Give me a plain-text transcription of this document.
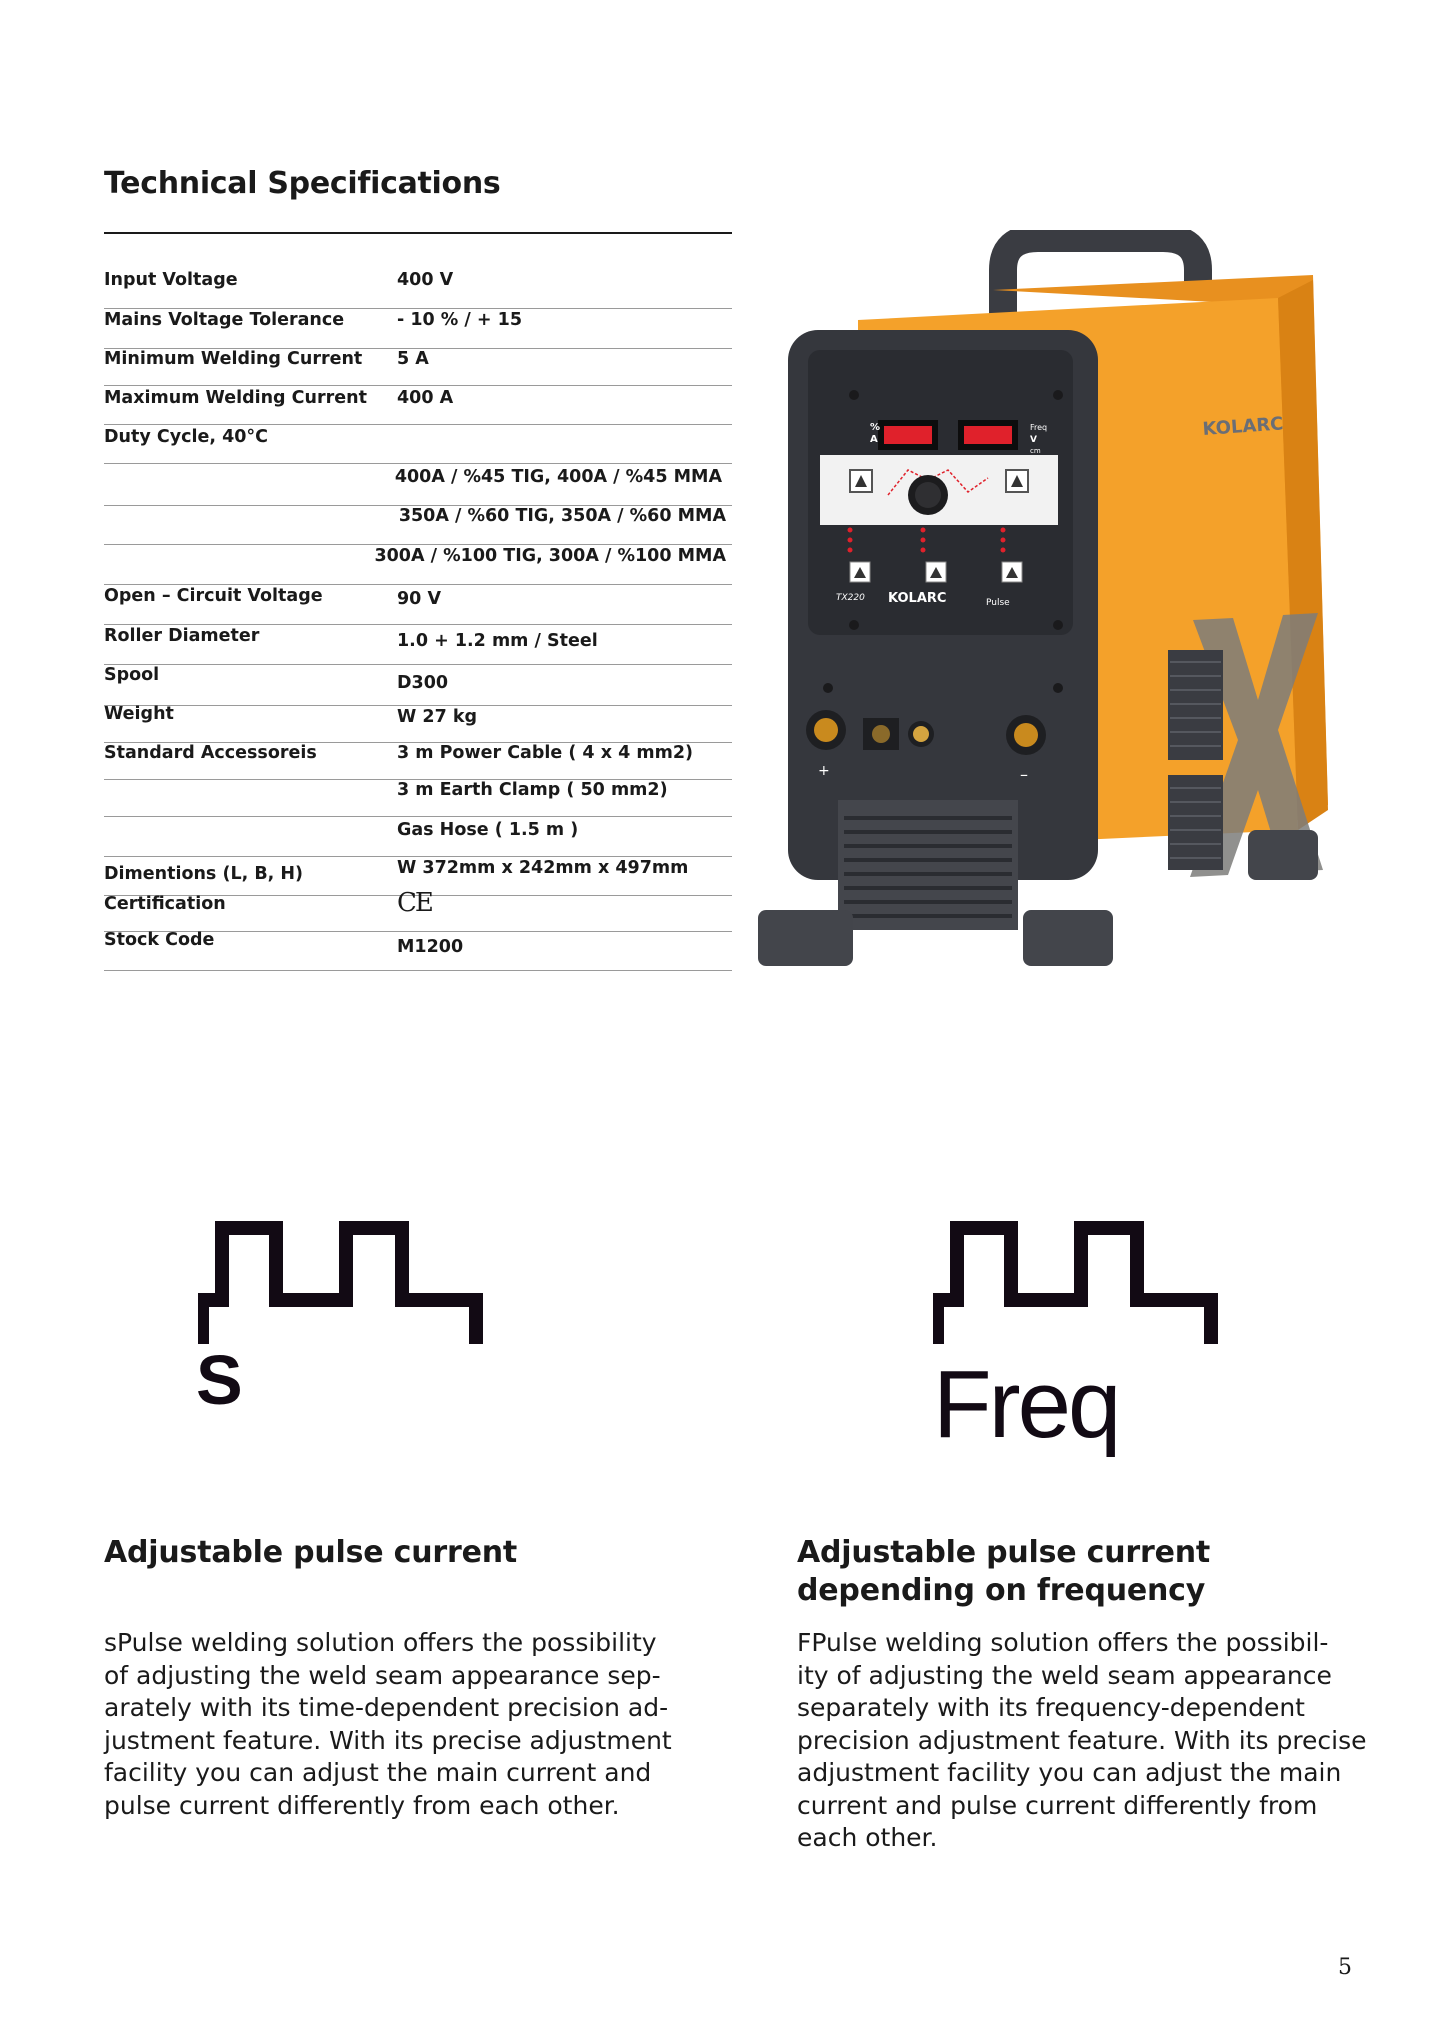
Technical Specifications
Input Voltage	400 V
Mains Voltage Tolerance	- 10 % / + 15
Minimum Welding Current 5 A
Maximum Welding Current 400 A
Duty Cycle, 40°C
400A / %45 TIG, 400A / %45 MMA
350A / %60 TIG, 350A / %60 MMA
300A / %100 TIG, 300A / %100 MMA
Open – Circuit Voltage	90 V
Roller Diameter	1.0 + 1.2 mm / Steel
Spool	D300
Weight	W 27 kg
Standard Accessoreis	3 m Power Cable ( 4 x 4 mm2)
3 m Earth Clamp ( 50 mm2)
Gas Hose ( 1.5 m )
Dimentions (L, B, H)	W 372mm x 242mm x 497mm
Certification	CE
Stock Code	M1200
%
A
Freq
V
cm
TX220 KOLARC	Pulse
KOLARC
+	–
S	Freq
Adjustable pulse current
sPulse welding solution offers the possibility
of adjusting the weld seam appearance sep-
arately with its time-dependent precision ad-
justment feature. With its precise adjustment
facility you can adjust the main current and
pulse current differently from each other.
Adjustable pulse current
depending on frequency
FPulse welding solution offers the possibil-
ity of adjusting the weld seam appearance
separately with its frequency-dependent
precision adjustment feature. With its precise
adjustment facility you can adjust the main
current and pulse current differently from
each other.
5
